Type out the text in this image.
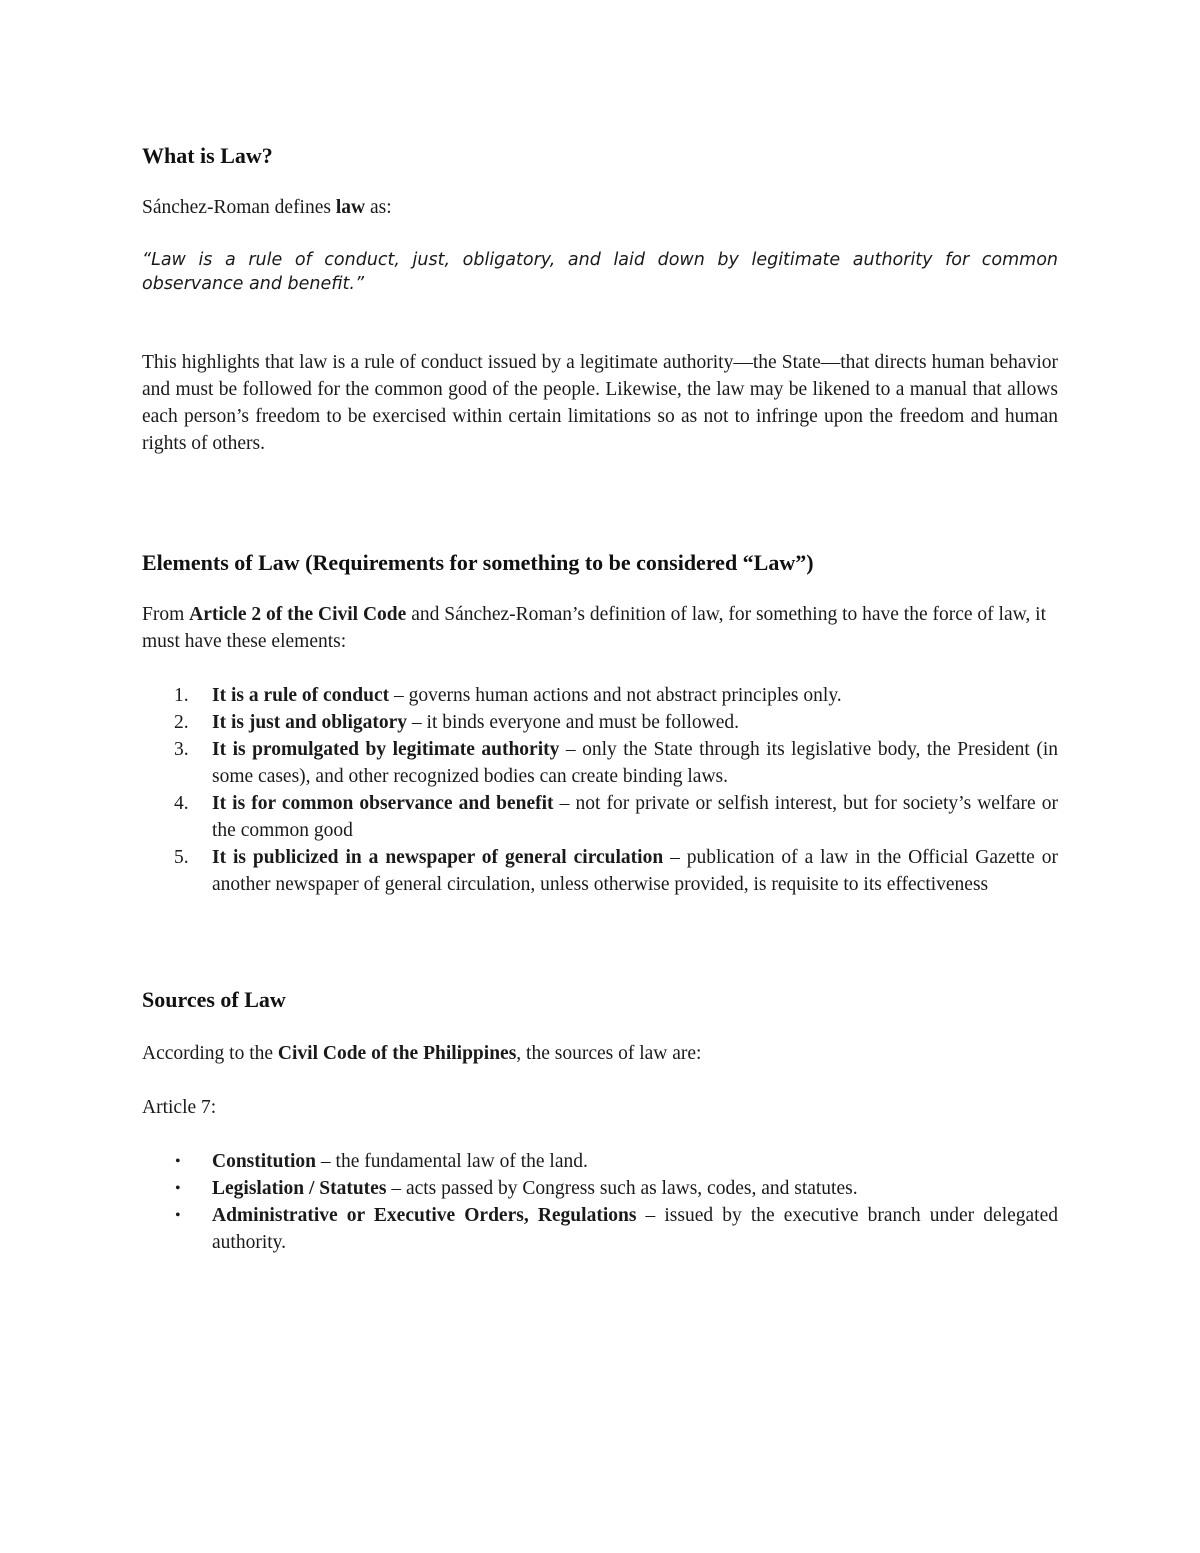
What is Law?

Sánchez-Roman defines law as:

“Law is a rule of conduct, just, obligatory, and laid down by legitimate authority for common observance and benefit.”

This highlights that law is a rule of conduct issued by a legitimate authority—the State—that directs human behavior and must be followed for the common good of the people. Likewise, the law may be likened to a manual that allows each person’s freedom to be exercised within certain limitations so as not to infringe upon the freedom and human rights of others.

Elements of Law (Requirements for something to be considered “Law”)

From Article 2 of the Civil Code and Sánchez-Roman’s definition of law, for something to have the force of law, it must have these elements:

1. It is a rule of conduct – governs human actions and not abstract principles only.
2. It is just and obligatory – it binds everyone and must be followed.
3. It is promulgated by legitimate authority – only the State through its legislative body, the President (in some cases), and other recognized bodies can create binding laws.
4. It is for common observance and benefit – not for private or selfish interest, but for society’s welfare or the common good
5. It is publicized in a newspaper of general circulation – publication of a law in the Official Gazette or another newspaper of general circulation, unless otherwise provided, is requisite to its effectiveness
Sources of Law

According to the Civil Code of the Philippines, the sources of law are:

Article 7:

• Constitution – the fundamental law of the land.
• Legislation / Statutes – acts passed by Congress such as laws, codes, and statutes.
• Administrative or Executive Orders, Regulations – issued by the executive branch under delegated authority.
